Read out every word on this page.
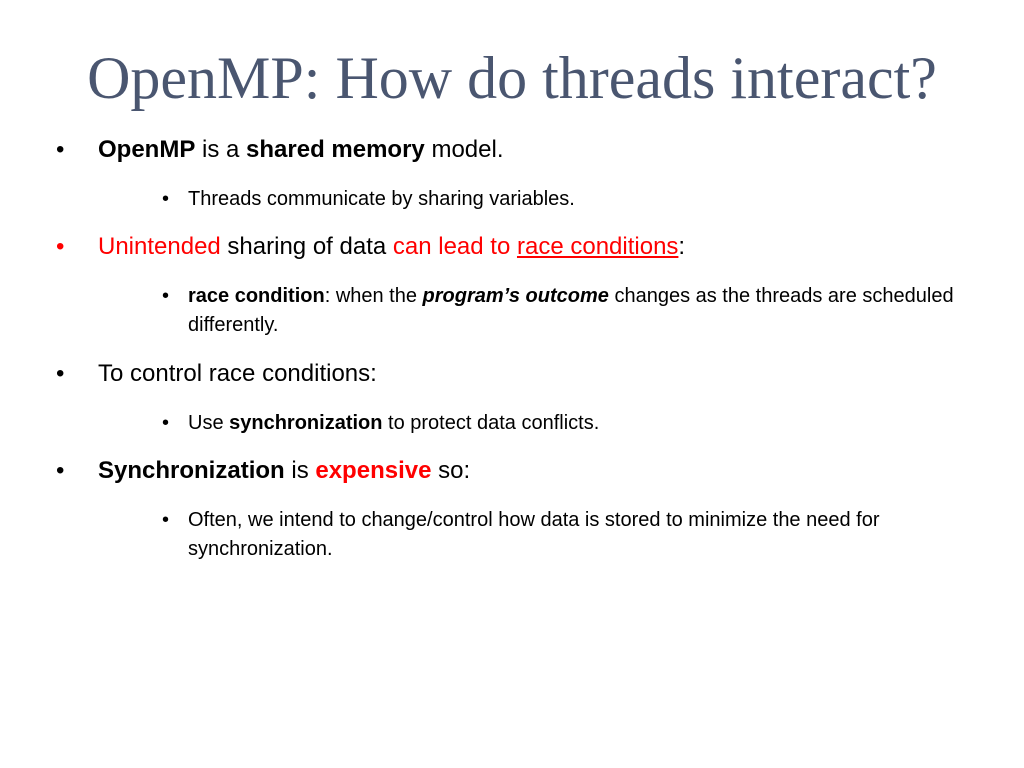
OpenMP: How do threads interact?
• OpenMP is a shared memory model.
• Threads communicate by sharing variables.
• Unintended sharing of data can lead to race conditions:
• race condition: when the program’s outcome changes as the threads are scheduled differently.
• To control race conditions:
• Use synchronization to protect data conflicts.
• Synchronization is expensive so:
• Often, we intend to change/control how data is stored to minimize the need for synchronization.
